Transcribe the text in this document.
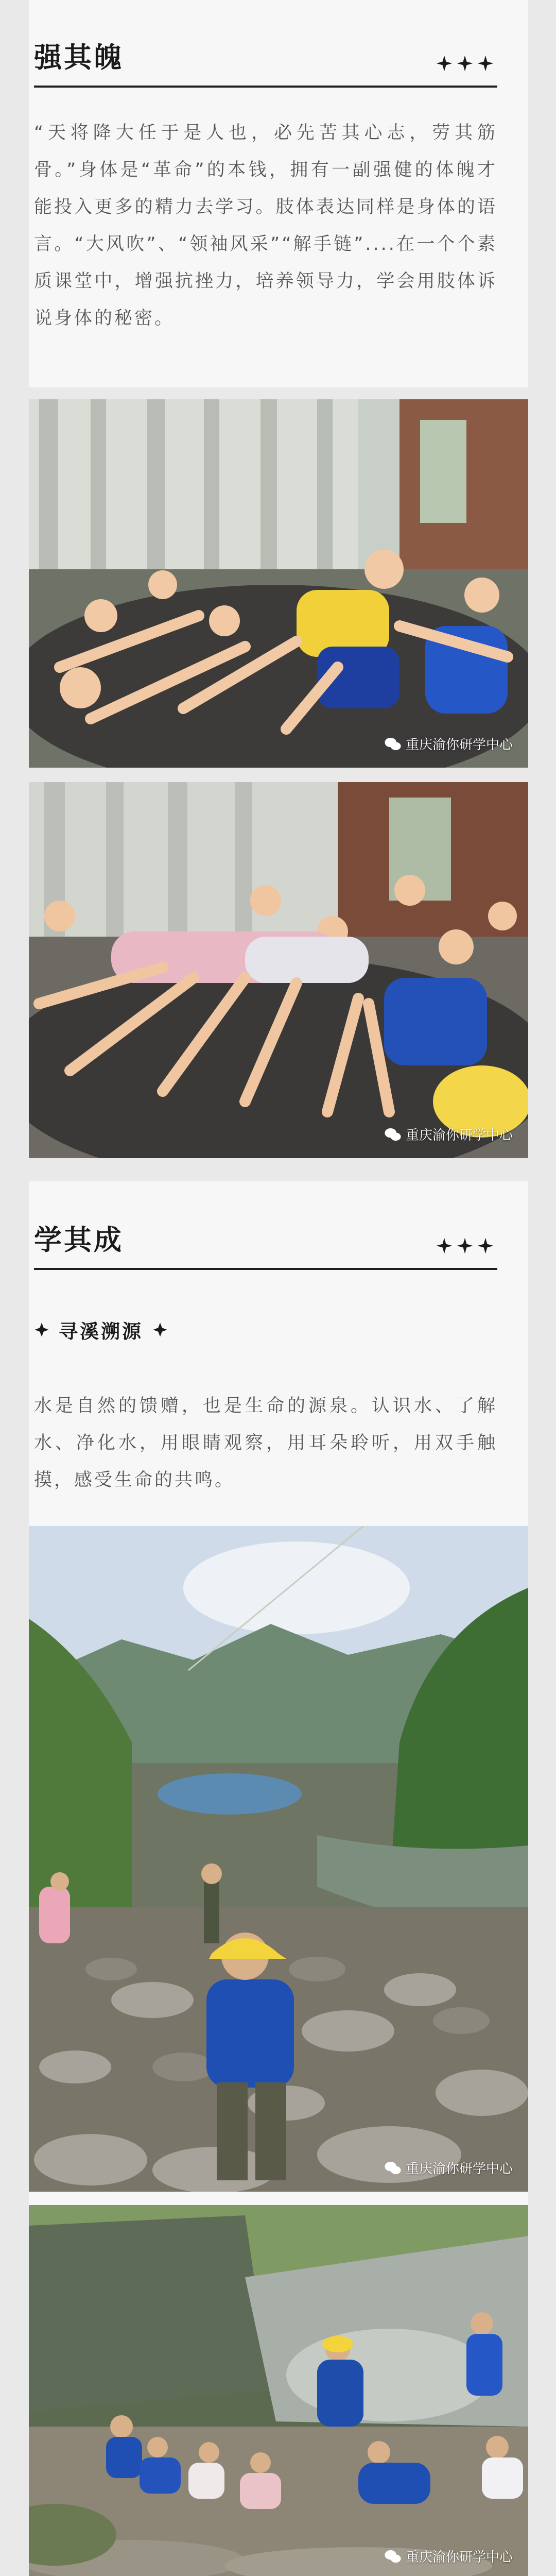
强其魄

“天将降大任于是人也，必先苦其心志，劳其筋骨。”身体是“革命”的本钱，拥有一副强健的体魄才能投入更多的精力去学习。肢体表达同样是身体的语言。“大风吹”、“领袖风采”“解手链”....在一个个素质课堂中，增强抗挫力，培养领导力，学会用肢体诉说身体的秘密。

重庆渝你研学中心
重庆渝你研学中心
学其成
寻溪溯源

水是自然的馈赠，也是生命的源泉。认识水、了解水、净化水，用眼睛观察，用耳朵聆听，用双手触摸，感受生命的共鸣。

重庆渝你研学中心
重庆渝你研学中心
